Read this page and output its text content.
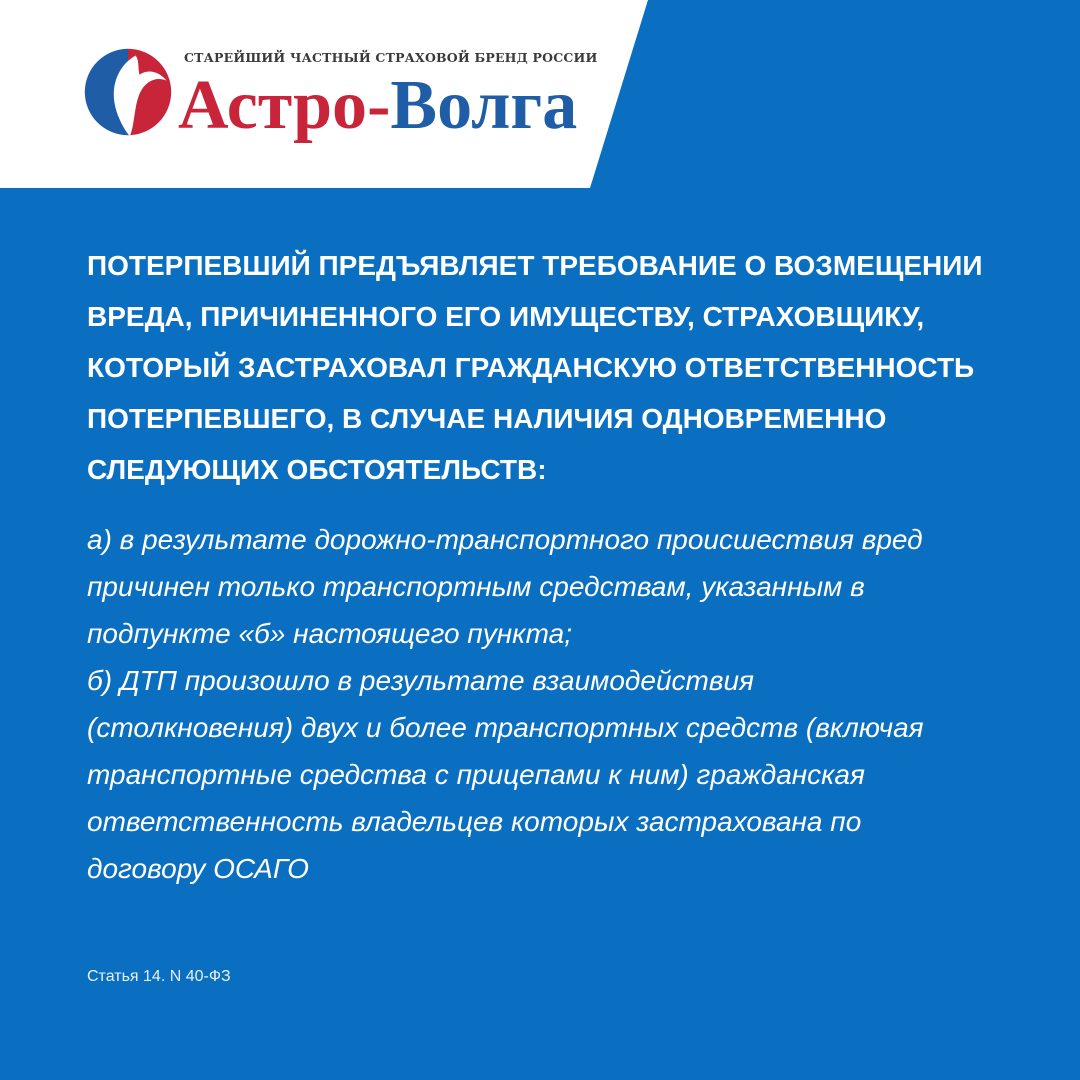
СТАРЕЙШИЙ ЧАСТНЫЙ СТРАХОВОЙ БРЕНД РОССИИ
Астро-Волга

ПОТЕРПЕВШИЙ ПРЕДЪЯВЛЯЕТ ТРЕБОВАНИЕ О ВОЗМЕЩЕНИИ
ВРЕДА, ПРИЧИНЕННОГО ЕГО ИМУЩЕСТВУ, СТРАХОВЩИКУ,
КОТОРЫЙ ЗАСТРАХОВАЛ ГРАЖДАНСКУЮ ОТВЕТСТВЕННОСТЬ
ПОТЕРПЕВШЕГО, В СЛУЧАЕ НАЛИЧИЯ ОДНОВРЕМЕННО
СЛЕДУЮЩИХ ОБСТОЯТЕЛЬСТВ:

а) в результате дорожно-транспортного происшествия вред
причинен только транспортным средствам, указанным в
подпункте «б» настоящего пункта;
б) ДТП произошло в результате взаимодействия
(столкновения) двух и более транспортных средств (включая
транспортные средства с прицепами к ним) гражданская
ответственность владельцев которых застрахована по
договору ОСАГО

Статья 14. N 40-ФЗ
